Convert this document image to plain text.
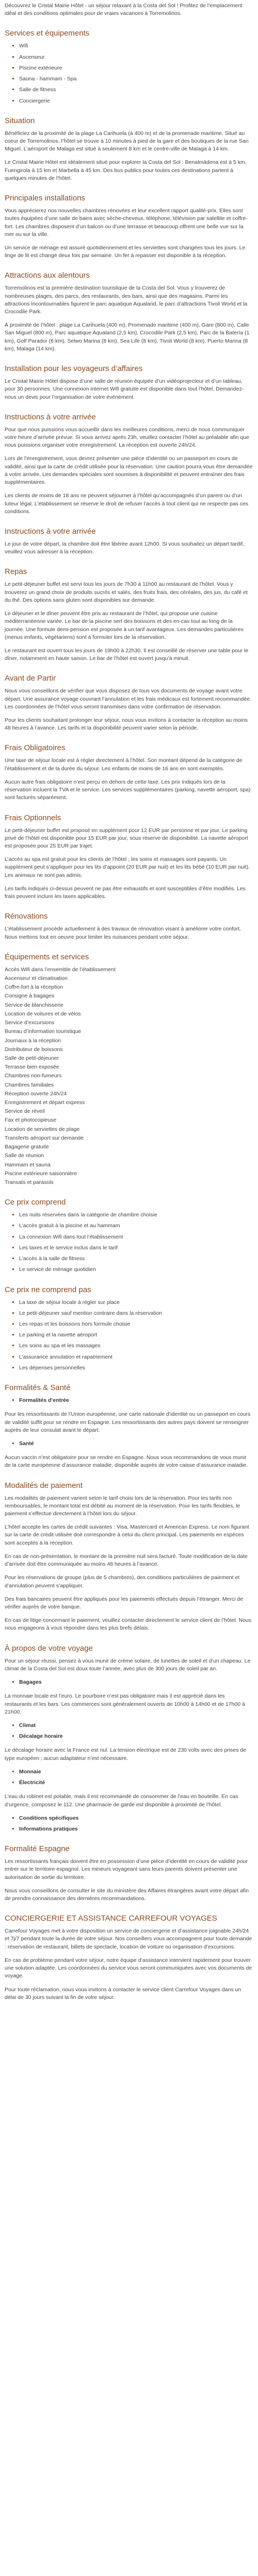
Découvrez le Cristal Mairie Hôtel - un séjour relaxant à la Costa del Sol ! Profitez de l’emplacement idéal et des conditions optimales pour de vraies vacances à Torremolinos.

Services et équipements
▪ Wifi
▪ Ascenseur
▪ Piscine extérieure
▪ Sauna - hammam - Spa
▪ Salle de fitness
▪ Conciergerie
Situation

Bénéficiez de la proximité de la plage La Carihuela (à 400 m) et de la promenade maritime. Situé au coeur de Torremolinos, l’hôtel se trouve à 10 minutes à pied de la gare et des boutiques de la rue San Miguel. L’aéroport de Malaga est situé à seulement 8 km et le centre-ville de Malaga à 14 km.

Le Cristal Mairie Hôtel est idéalement situé pour explorer la Costa del Sol : Benalmádena est à 5 km, Fuengirola à 15 km et Marbella à 45 km. Des bus publics pour toutes ces destinations partent à quelques minutes de l’hôtel.

Principales installations

Vous apprécierez nos nouvelles chambres rénovées et leur excellent rapport qualité-prix. Elles sont toutes équipées d’une salle de bains avec sèche-cheveux, téléphone, télévision par satellite et coffre-fort. Les chambres disposent d’un balcon ou d’une terrasse et beaucoup offrent une belle vue sur la mer ou sur la ville.

Un service de ménage est assuré quotidiennement et les serviettes sont changées tous les jours. Le linge de lit est changé deux fois par semaine. Un fer à repasser est disponible à la réception.

Attractions aux alentours

Torremolinos est la première destination touristique de la Costa del Sol. Vous y trouverez de nombreuses plages, des parcs, des restaurants, des bars, ainsi que des magasins. Parmi les attractions incontournables figurent le parc aquatique Aqualand, le parc d’attractions Tivoli World et la Crocodile Park.

À proximité de l’hôtel : plage La Carihuela (400 m), Promenade maritime (400 m), Gare (800 m), Calle San Miguel (800 m), Parc aquatique Aqualand (2,5 km), Crocodile Park (2,5 km), Parc de la Batería (1 km), Golf Parador (6 km), Selwo Marina (8 km), Sea Life (8 km), Tivoli World (8 km), Puerto Marina (8 km), Malaga (14 km).

Installation pour les voyageurs d’affaires

Le Cristal Mairie Hôtel dispose d’une salle de réunion équipée d’un vidéoprojecteur et d’un tableau, pour 30 personnes. Une connexion internet Wifi gratuite est disponible dans tout l’hôtel. Demandez-nous un devis pour l’organisation de votre événement.

Instructions à votre arrivée

Pour que nous puissions vous accueillir dans les meilleures conditions, merci de nous communiquer votre heure d’arrivée prévue. Si vous arrivez après 23h, veuillez contacter l’hôtel au préalable afin que nous puissions organiser votre enregistrement. La réception est ouverte 24h/24.

Lors de l’enregistrement, vous devrez présenter une pièce d’identité ou un passeport en cours de validité, ainsi que la carte de crédit utilisée pour la réservation. Une caution pourra vous être demandée à votre arrivée. Les demandes spéciales sont soumises à disponibilité et peuvent entraîner des frais supplémentaires.

Les clients de moins de 18 ans ne peuvent séjourner à l’hôtel qu’accompagnés d’un parent ou d’un tuteur légal. L’établissement se réserve le droit de refuser l’accès à tout client qui ne respecte pas ces conditions.

Instructions à votre arrivée

Le jour de votre départ, la chambre doit être libérée avant 12h00. Si vous souhaitez un départ tardif, veuillez vous adresser à la réception.

Repas

Le petit-déjeuner buffet est servi tous les jours de 7h30 à 11h00 au restaurant de l’hôtel. Vous y trouverez un grand choix de produits sucrés et salés, des fruits frais, des céréales, des jus, du café et du thé. Des options sans gluten sont disponibles sur demande.

Le déjeuner et le dîner peuvent être pris au restaurant de l’hôtel, qui propose une cuisine méditerranéenne variée. Le bar de la piscine sert des boissons et des en-cas tout au long de la journée. Une formule demi-pension est proposée à un tarif avantageux. Les demandes particulières (menus enfants, végétariens) sont à formuler lors de la réservation.

Le restaurant est ouvert tous les jours de 19h00 à 22h30. Il est conseillé de réserver une table pour le dîner, notamment en haute saison. Le bar de l’hôtel est ouvert jusqu’à minuit.

Avant de Partir

Nous vous conseillons de vérifier que vous disposez de tous vos documents de voyage avant votre départ. Une assurance voyage couvrant l’annulation et les frais médicaux est fortement recommandée. Les coordonnées de l’hôtel vous seront transmises dans votre confirmation de réservation.

Pour les clients souhaitant prolonger leur séjour, nous vous invitons à contacter la réception au moins 48 heures à l’avance. Les tarifs et la disponibilité peuvent varier selon la période.

Frais Obligatoires

Une taxe de séjour locale est à régler directement à l’hôtel. Son montant dépend de la catégorie de l’établissement et de la durée du séjour. Les enfants de moins de 16 ans en sont exemptés.

Aucun autre frais obligatoire n’est perçu en dehors de cette taxe. Les prix indiqués lors de la réservation incluent la TVA et le service. Les services supplémentaires (parking, navette aéroport, spa) sont facturés séparément.

Frais Optionnels

Le petit-déjeuner buffet est proposé en supplément pour 12 EUR par personne et par jour. Le parking privé de l’hôtel est disponible pour 15 EUR par jour, sous réserve de disponibilité. La navette aéroport est proposée pour 25 EUR par trajet.

L’accès au spa est gratuit pour les clients de l’hôtel ; les soins et massages sont payants. Un supplément peut s’appliquer pour les lits d’appoint (20 EUR par nuit) et les lits bébé (10 EUR par nuit). Les animaux ne sont pas admis.

Les tarifs indiqués ci-dessus peuvent ne pas être exhaustifs et sont susceptibles d’être modifiés. Les frais peuvent inclure les taxes applicables.

Rénovations

L’établissement procède actuellement à des travaux de rénovation visant à améliorer votre confort. Nous mettons tout en oeuvre pour limiter les nuisances pendant votre séjour.

Équipements et services

Accès Wifi dans l’ensemble de l’établissement

Ascenseur et climatisation

Coffre-fort à la réception

Consigne à bagages

Service de blanchisserie

Location de voitures et de vélos

Service d’excursions

Bureau d’information touristique

Journaux à la réception

Distributeur de boissons

Salle de petit-déjeuner

Terrasse bien exposée

Chambres non-fumeurs

Chambres familiales

Réception ouverte 24h/24

Enregistrement et départ express

Service de réveil

Fax et photocopieuse

Location de serviettes de plage

Transferts aéroport sur demande

Bagagerie gratuite

Salle de réunion

Hammam et sauna

Piscine extérieure saisonnière

Transats et parasols

Ce prix comprend
▪ Les nuits réservées dans la catégorie de chambre choisie
▪ L’accès gratuit à la piscine et au hammam
▪ La connexion Wifi dans tout l’établissement
▪ Les taxes et le service inclus dans le tarif
▪ L’accès à la salle de fitness
▪ Le service de ménage quotidien
Ce prix ne comprend pas
▪ La taxe de séjour locale à régler sur place
▪ Le petit-déjeuner sauf mention contraire dans la réservation
▪ Les repas et les boissons hors formule choisie
▪ Le parking et la navette aéroport
▪ Les soins au spa et les massages
▪ L’assurance annulation et rapatriement
▪ Les dépenses personnelles
Formalités & Santé
▪ Formalités d’entrée

Pour les ressortissants de l’Union européenne, une carte nationale d’identité ou un passeport en cours de validité suffit pour se rendre en Espagne. Les ressortissants des autres pays doivent se renseigner auprès de leur consulat avant le départ.

▪ Santé

Aucun vaccin n’est obligatoire pour se rendre en Espagne. Nous vous recommandons de vous munir de la carte européenne d’assurance maladie, disponible auprès de votre caisse d’assurance maladie.

Modalités de paiement

Les modalités de paiement varient selon le tarif choisi lors de la réservation. Pour les tarifs non remboursables, le montant total est débité au moment de la réservation. Pour les tarifs flexibles, le paiement s’effectue directement à l’hôtel lors du séjour.

L’hôtel accepte les cartes de crédit suivantes : Visa, Mastercard et American Express. Le nom figurant sur la carte de crédit utilisée doit correspondre à celui du client principal. Les paiements en espèces sont acceptés à la réception.

En cas de non-présentation, le montant de la première nuit sera facturé. Toute modification de la date d’arrivée doit être communiquée au moins 48 heures à l’avance.

Pour les réservations de groupe (plus de 5 chambres), des conditions particulières de paiement et d’annulation peuvent s’appliquer.

Des frais bancaires peuvent être appliqués pour les paiements effectués depuis l’étranger. Merci de vérifier auprès de votre banque.

En cas de litige concernant le paiement, veuillez contacter directement le service client de l’hôtel. Nous nous engageons à vous répondre dans les plus brefs délais.

À propos de votre voyage

Pour un séjour réussi, pensez à vous munir de crème solaire, de lunettes de soleil et d’un chapeau. Le climat de la Costa del Sol est doux toute l’année, avec plus de 300 jours de soleil par an.

▪ Bagages

La monnaie locale est l’euro. Le pourboire n’est pas obligatoire mais il est apprécié dans les restaurants et les bars. Les commerces sont généralement ouverts de 10h00 à 14h00 et de 17h00 à 21h00.

▪ Climat
▪ Décalage horaire

Le décalage horaire avec la France est nul. La tension électrique est de 230 volts avec des prises de type européen ; aucun adaptateur n’est nécessaire.

▪ Monnaie
▪ Électricité

L’eau du robinet est potable, mais il est recommandé de consommer de l’eau en bouteille. En cas d’urgence, composez le 112. Une pharmacie de garde est disponible à proximité de l’hôtel.

▪ Conditions spécifiques
▪ Informations pratiques
Formalité Espagne

Les ressortissants français doivent être en possession d’une pièce d’identité en cours de validité pour entrer sur le territoire espagnol. Les mineurs voyageant sans leurs parents doivent présenter une autorisation de sortie du territoire.

Nous vous conseillons de consulter le site du ministère des Affaires étrangères avant votre départ afin de prendre connaissance des dernières recommandations.

CONCIERGERIE ET ASSISTANCE CARREFOUR VOYAGES

Carrefour Voyages met à votre disposition un service de conciergerie et d’assistance joignable 24h/24 et 7j/7 pendant toute la durée de votre séjour. Nos conseillers vous accompagnent pour toute demande : réservation de restaurant, billets de spectacle, location de voiture ou organisation d’excursions.

En cas de problème pendant votre séjour, notre équipe d’assistance intervient rapidement pour trouver une solution adaptée. Les coordonnées du service vous seront communiquées avec vos documents de voyage.

Pour toute réclamation, nous vous invitons à contacter le service client Carrefour Voyages dans un délai de 30 jours suivant la fin de votre séjour.
